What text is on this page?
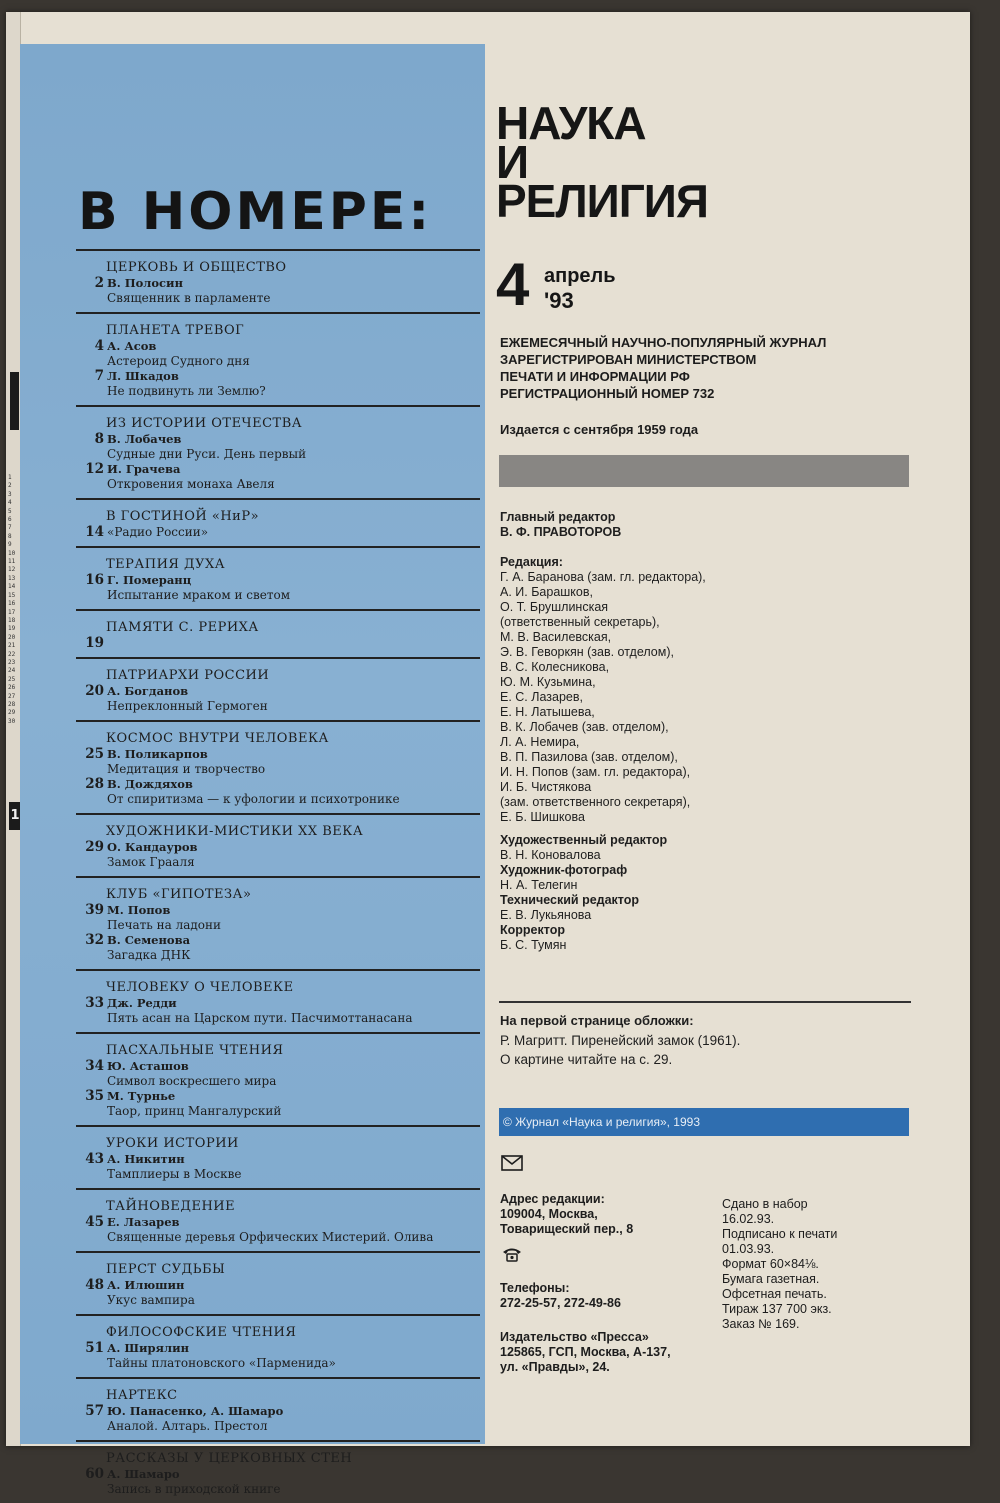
1
1
2
3
4
5
6
7
8
9
10
11
12
13
14
15
16
17
18
19
20
21
22
23
24
25
26
27
28
29
30
В НОМЕРЕ:
ЦЕРКОВЬ И ОБЩЕСТВО
2 В. Полосин
Священник в парламенте
ПЛАНЕТА ТРЕВОГ
4 А. Асов
Астероид Судного дня
7 Л. Шкадов
Не подвинуть ли Землю?
ИЗ ИСТОРИИ ОТЕЧЕСТВА
8 В. Лобачев
Судные дни Руси. День первый
12 И. Грачева
Откровения монаха Авеля
В ГОСТИНОЙ «НиР»
14 «Радио России»
ТЕРАПИЯ ДУХА
16 Г. Померанц
Испытание мраком и светом
ПАМЯТИ С. РЕРИХА
19
ПАТРИАРХИ РОССИИ
20 А. Богданов
Непреклонный Гермоген
КОСМОС ВНУТРИ ЧЕЛОВЕКА
25 В. Поликарпов
Медитация и творчество
28 В. Дождяхов
От спиритизма — к уфологии и психотронике
ХУДОЖНИКИ-МИСТИКИ XX ВЕКА
29 О. Кандауров
Замок Грааля
КЛУБ «ГИПОТЕЗА»
39 М. Попов
Печать на ладони
32 В. Семенова
Загадка ДНК
ЧЕЛОВЕКУ О ЧЕЛОВЕКЕ
33 Дж. Редди
Пять асан на Царском пути. Пасчимоттанасана
ПАСХАЛЬНЫЕ ЧТЕНИЯ
34 Ю. Асташов
Символ воскресшего мира
35 М. Турнье
Таор, принц Мангалурский
УРОКИ ИСТОРИИ
43 А. Никитин
Тамплиеры в Москве
ТАЙНОВЕДЕНИЕ
45 Е. Лазарев
Священные деревья Орфических Мистерий. Олива
ПЕРСТ СУДЬБЫ
48 А. Илюшин
Укус вампира
ФИЛОСОФСКИЕ ЧТЕНИЯ
51 А. Ширялин
Тайны платоновского «Парменида»
НАРТЕКС
57 Ю. Панасенко, А. Шамаро
Аналой. Алтарь. Престол
РАССКАЗЫ У ЦЕРКОВНЫХ СТЕН
60 А. Шамаро
Запись в приходской книге
НАУКА
И
РЕЛИГИЯ
4 апрель
'93

ЕЖЕМЕСЯЧНЫЙ НАУЧНО-ПОПУЛЯРНЫЙ ЖУРНАЛ
ЗАРЕГИСТРИРОВАН МИНИСТЕРСТВОМ
ПЕЧАТИ И ИНФОРМАЦИИ РФ
РЕГИСТРАЦИОННЫЙ НОМЕР 732

Издается с сентября 1959 года
Главный редактор
В. Ф. ПРАВОТОРОВ
Редакция:
Г. А. Баранова (зам. гл. редактора),
А. И. Барашков,
О. Т. Брушлинская
(ответственный секретарь),
М. В. Василевская,
Э. В. Геворкян (зав. отделом),
В. С. Колесникова,
Ю. М. Кузьмина,
Е. С. Лазарев,
Е. Н. Латышева,
В. К. Лобачев (зав. отделом),
Л. А. Немира,
В. П. Пазилова (зав. отделом),
И. Н. Попов (зам. гл. редактора),
И. Б. Чистякова
(зам. ответственного секретаря),
Е. Б. Шишкова
Художественный редактор
В. Н. Коновалова
Художник-фотограф
Н. А. Телегин
Технический редактор
Е. В. Лукьянова
Корректор
Б. С. Тумян
На первой странице обложки:
Р. Магритт. Пиренейский замок (1961).
О картине читайте на с. 29.
© Журнал «Наука и религия», 1993
Адрес редакции:
109004, Москва,
Товарищеский пер., 8
Телефоны:
272-25-57, 272-49-86
Издательство «Пресса»
125865, ГСП, Москва, А-137,
ул. «Правды», 24.
Сдано в набор
16.02.93.
Подписано к печати
01.03.93.
Формат 60×84⅛.
Бумага газетная.
Офсетная печать.
Тираж 137 700 экз.
Заказ № 169.
